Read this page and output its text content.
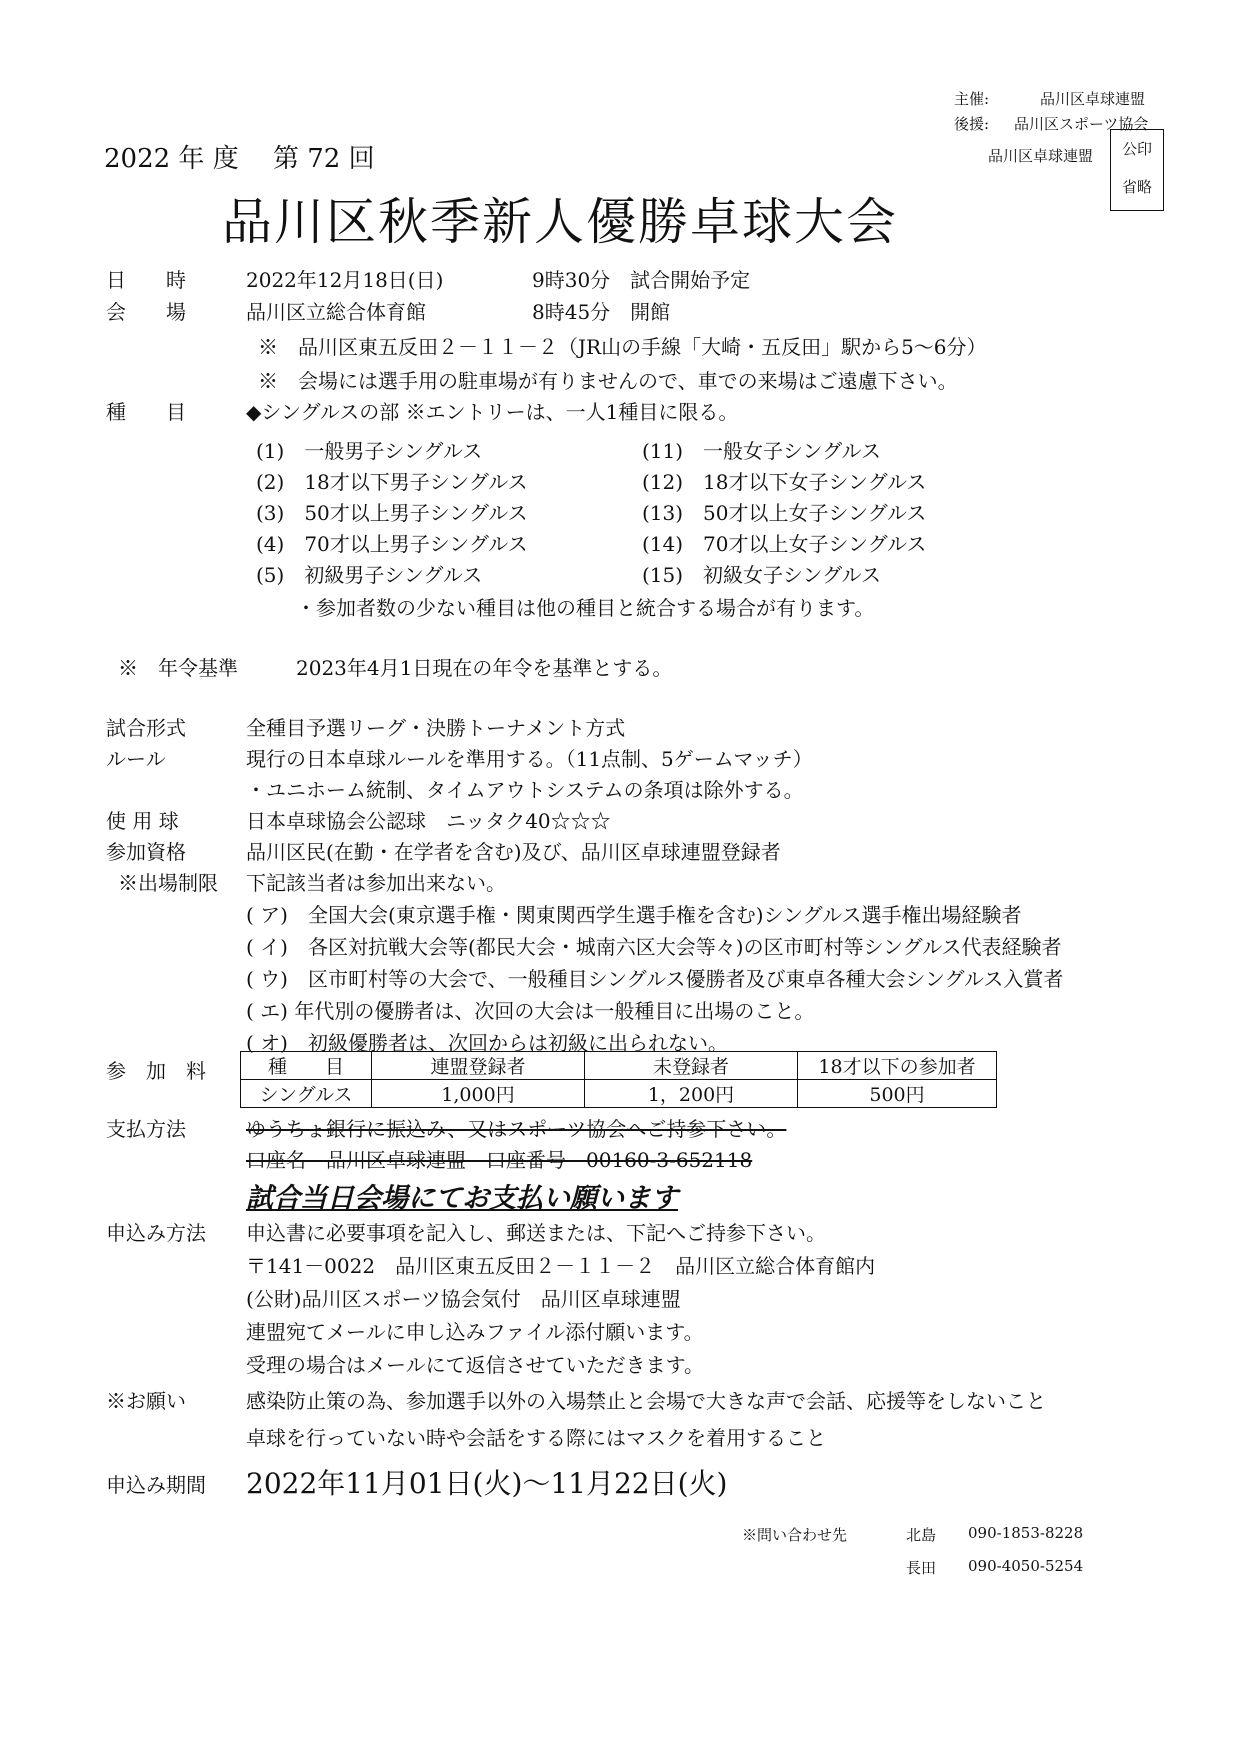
主催:	品川区卓球連盟
後援: 品川区スポーツ協会
品川区卓球連盟	公印
省略
2022 年 度　 第 72 回
品川区秋季新人優勝卓球大会
日　　時	2022年12月18日(日)	9時30分　試合開始予定
会　　場	品川区立総合体育館	8時45分　開館
※　品川区東五反田２－１１－２（JR山の手線「大崎・五反田」駅から5～6分）
※　会場には選手用の駐車場が有りませんので、車での来場はご遠慮下さい。
種　　目	◆シングルスの部 ※エントリーは、一人1種目に限る。
(1)　一般男子シングルス
(2)　18才以下男子シングルス
(3)　50才以上男子シングルス
(4)　70才以上男子シングルス
(5)　初級男子シングルス
(11)　一般女子シングルス
(12)　18才以下女子シングルス
(13)　50才以上女子シングルス
(14)　70才以上女子シングルス
(15)　初級女子シングルス
・参加者数の少ない種目は他の種目と統合する場合が有ります。
※　年令基準	2023年4月1日現在の年令を基準とする。
試合形式	全種目予選リーグ・決勝トーナメント方式
ルール	現行の日本卓球ルールを準用する。（11点制、5ゲームマッチ）
・ユニホーム統制、タイムアウトシステムの条項は除外する。
使 用 球	日本卓球協会公認球　ニッタク40☆☆☆
参加資格	品川区民(在勤・在学者を含む)及び、品川区卓球連盟登録者
※出場制限 下記該当者は参加出来ない。
( ア)　全国大会(東京選手権・関東関西学生選手権を含む)シングルス選手権出場経験者
( イ)　各区対抗戦大会等(都民大会・城南六区大会等々)の区市町村等シングルス代表経験者
( ウ)　区市町村等の大会で、一般種目シングルス優勝者及び東卓各種大会シングルス入賞者
( エ) 年代別の優勝者は、次回の大会は一般種目に出場のこと。
( オ)　初級優勝者は、次回からは初級に出られない。
参　加　料	種　　目	連盟登録者	未登録者	18才以下の参加者
シングルス	1,000円	1，200円	500円
支払方法	ゆうちょ銀行に振込み、又はスポーツ協会へご持参下さい。
口座名　品川区卓球連盟　口座番号　00160-3-652118
試合当日会場にてお支払い願います
申込み方法 申込書に必要事項を記入し、郵送または、下記へご持参下さい。
〒141－0022　品川区東五反田２－１１－２　品川区立総合体育館内
(公財)品川区スポーツ協会気付　品川区卓球連盟
連盟宛てメールに申し込みファイル添付願います。
受理の場合はメールにて返信させていただきます。
※お願い	感染防止策の為、参加選手以外の入場禁止と会場で大きな声で会話、応援等をしないこと
卓球を行っていない時や会話をする際にはマスクを着用すること
申込み期間 2022年11月01日(火)～11月22日(火)
※問い合わせ先	北島 090-1853-8228
長田 090-4050-5254
